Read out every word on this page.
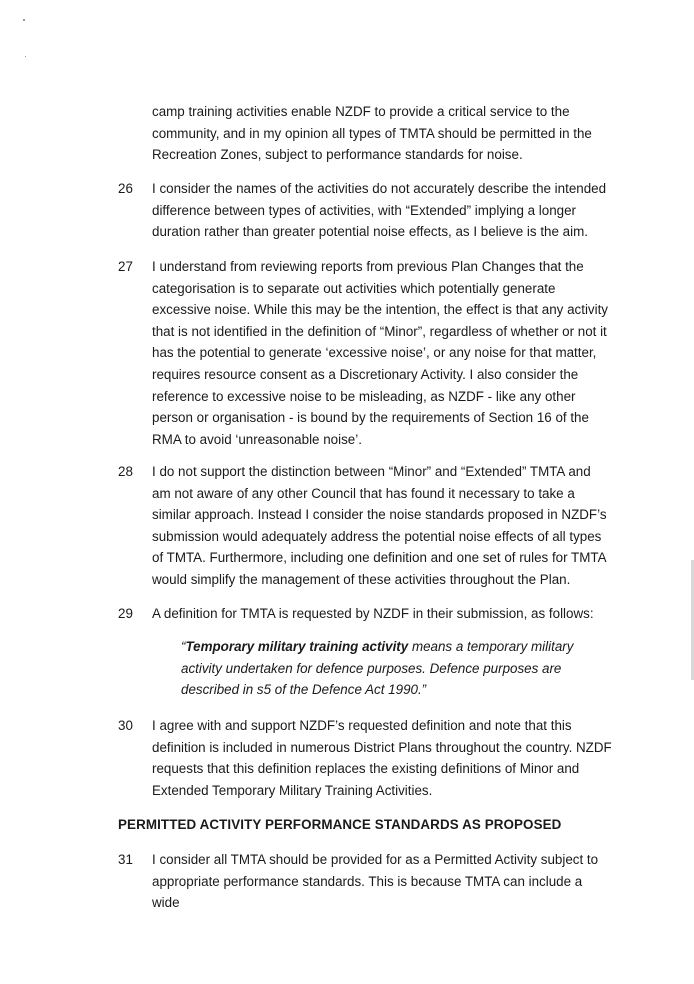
camp training activities enable NZDF to provide a critical service to the community, and in my opinion all types of TMTA should be permitted in the Recreation Zones, subject to performance standards for noise.

26	I consider the names of the activities do not accurately describe the intended difference between types of activities, with “Extended” implying a longer duration rather than greater potential noise effects, as I believe is the aim.
27	I understand from reviewing reports from previous Plan Changes that the categorisation is to separate out activities which potentially generate excessive noise. While this may be the intention, the effect is that any activity that is not identified in the definition of “Minor”, regardless of whether or not it has the potential to generate ‘excessive noise’, or any noise for that matter, requires resource consent as a Discretionary Activity. I also consider the reference to excessive noise to be misleading, as NZDF - like any other person or organisation - is bound by the requirements of Section 16 of the RMA to avoid ‘unreasonable noise’.
28	I do not support the distinction between “Minor” and “Extended” TMTA and am not aware of any other Council that has found it necessary to take a similar approach. Instead I consider the noise standards proposed in NZDF’s submission would adequately address the potential noise effects of all types of TMTA. Furthermore, including one definition and one set of rules for TMTA would simplify the management of these activities throughout the Plan.
29	A definition for TMTA is requested by NZDF in their submission, as follows:
“Temporary military training activity means a temporary military activity undertaken for defence purposes. Defence purposes are described in s5 of the Defence Act 1990.”
30	I agree with and support NZDF’s requested definition and note that this definition is included in numerous District Plans throughout the country. NZDF requests that this definition replaces the existing definitions of Minor and Extended Temporary Military Training Activities.
PERMITTED ACTIVITY PERFORMANCE STANDARDS AS PROPOSED
31	I consider all TMTA should be provided for as a Permitted Activity subject to appropriate performance standards. This is because TMTA can include a wide
